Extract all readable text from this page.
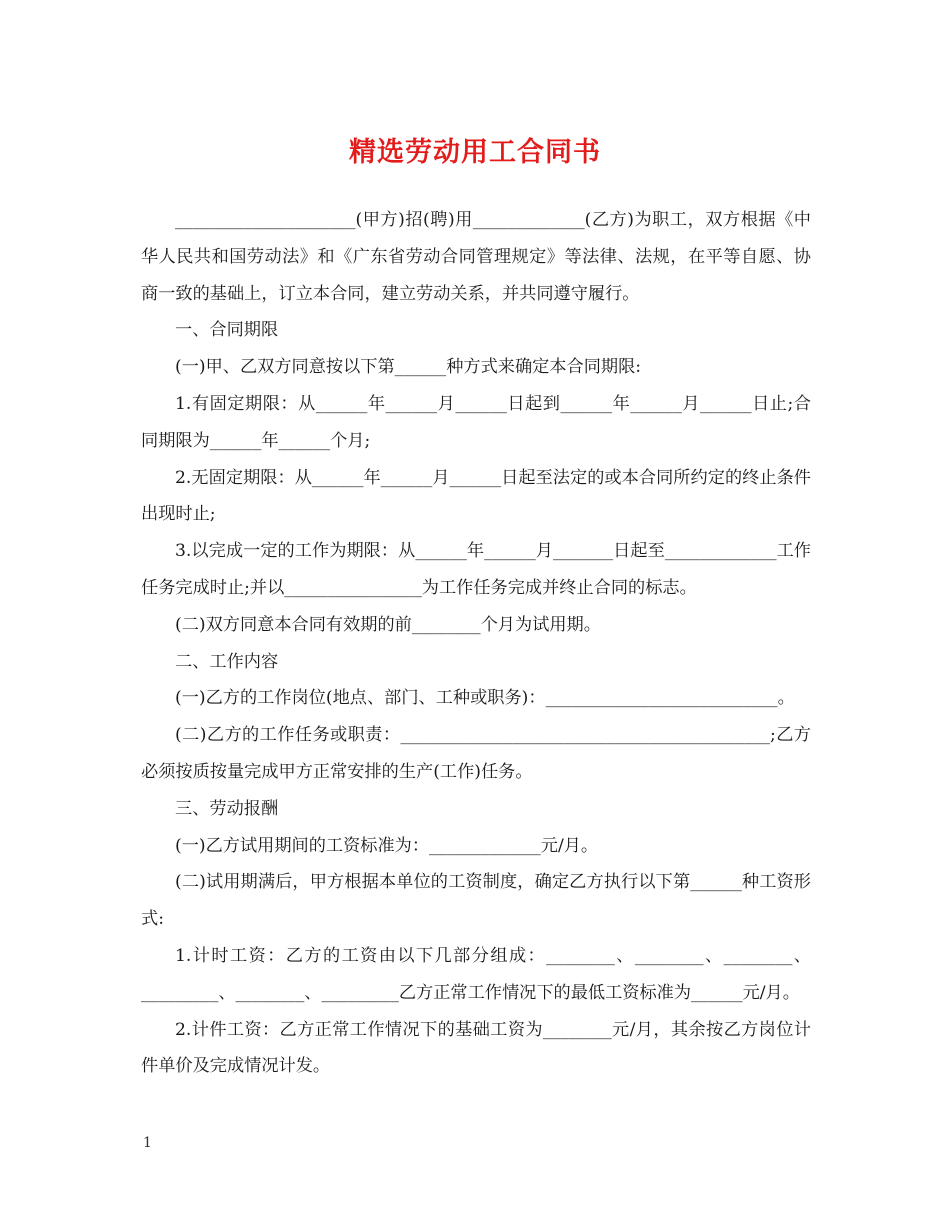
精选劳动用工合同书

_____________________(甲方)招(聘)用_____________(乙方)为职工，双方根据《中华人民共和国劳动法》和《广东省劳动合同管理规定》等法律、法规，在平等自愿、协商一致的基础上，订立本合同，建立劳动关系，并共同遵守履行。

一、合同期限

(一)甲、乙双方同意按以下第______种方式来确定本合同期限:

1.有固定期限：从______年______月______日起到______年______月______日止;合同期限为______年______个月;

2.无固定期限：从______年______月______日起至法定的或本合同所约定的终止条件出现时止;

3.以完成一定的工作为期限：从______年______月_______日起至_____________工作任务完成时止;并以________________为工作任务完成并终止合同的标志。

(二)双方同意本合同有效期的前________个月为试用期。

二、工作内容

(一)乙方的工作岗位(地点、部门、工种或职务)：___________________________。

(二)乙方的工作任务或职责：___________________________________________;乙方必须按质按量完成甲方正常安排的生产(工作)任务。

三、劳动报酬

(一)乙方试用期间的工资标准为：_____________元/月。

(二)试用期满后，甲方根据本单位的工资制度，确定乙方执行以下第______种工资形式:

1.计时工资：乙方的工资由以下几部分组成：________、________、________、_________、________、_________乙方正常工作情况下的最低工资标准为______元/月。

2.计件工资：乙方正常工作情况下的基础工资为________元/月，其余按乙方岗位计件单价及完成情况计发。

1
